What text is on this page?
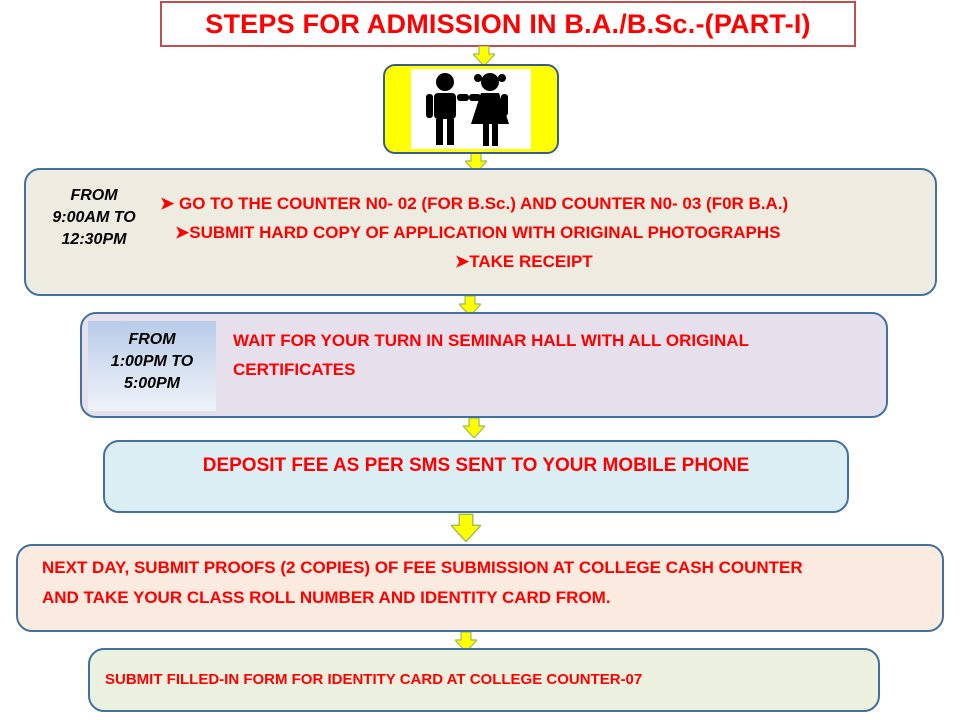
STEPS FOR ADMISSION IN B.A./B.Sc.-(PART-I)
FROM
9:00AM TO
12:30PM
➤ GO TO THE COUNTER N0- 02 (FOR B.Sc.) AND COUNTER N0- 03 (F0R B.A.)
➤SUBMIT HARD COPY OF APPLICATION WITH ORIGINAL PHOTOGRAPHS
➤TAKE RECEIPT
FROM
1:00PM TO
5:00PM
WAIT FOR YOUR TURN IN SEMINAR HALL WITH ALL ORIGINAL
CERTIFICATES
DEPOSIT FEE AS PER SMS SENT TO YOUR MOBILE PHONE
NEXT DAY, SUBMIT PROOFS (2 COPIES) OF FEE SUBMISSION AT COLLEGE CASH COUNTER
AND TAKE YOUR CLASS ROLL NUMBER AND IDENTITY CARD FROM.
SUBMIT FILLED-IN FORM FOR IDENTITY CARD AT COLLEGE COUNTER-07
